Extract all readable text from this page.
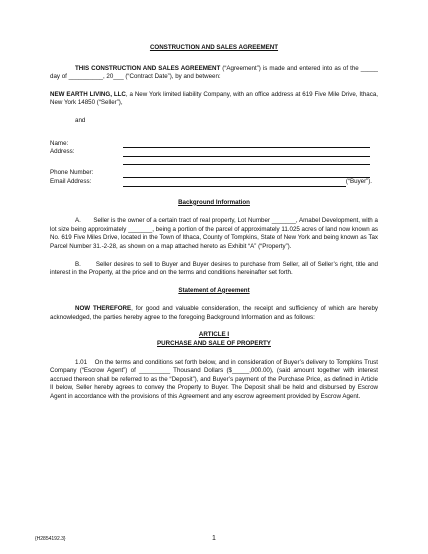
CONSTRUCTION AND SALES AGREEMENT

THIS CONSTRUCTION AND SALES AGREEMENT (“Agreement”) is made and entered into as of the _____ day of __________, 20___ (“Contract Date”), by and between:

NEW EARTH LIVING, LLC, a New York limited liability Company, with an office address at 619 Five Mile Drive, Ithaca, New York 14850 (“Seller”),

and
Name:
Address:
Phone Number:
Email Address:	(“Buyer”).
Background Information

A.       Seller is the owner of a certain tract of real property, Lot Number _______, Amabel Development, with a lot size being approximately _______, being a portion of the parcel of approximately 11.025 acres of land now known as No. 619 Five Miles Drive, located in the Town of Ithaca, County of Tompkins, State of New York and being known as Tax Parcel Number 31.-2-28, as shown on a map attached hereto as Exhibit “A” (“Property”).

B.       Seller desires to sell to Buyer and Buyer desires to purchase from Seller, all of Seller’s right, title and interest in the Property, at the price and on the terms and conditions hereinafter set forth.

Statement of Agreement

NOW THEREFORE, for good and valuable consideration, the receipt and sufficiency of which are hereby acknowledged, the parties hereby agree to the foregoing Background Information and as follows:

ARTICLE I
PURCHASE AND SALE OF PROPERTY

1.01    On the terms and conditions set forth below, and in consideration of Buyer’s delivery to Tompkins Trust Company (“Escrow Agent”) of _________ Thousand Dollars ($_____,000.00), (said amount together with interest accrued thereon shall be referred to as the “Deposit”), and Buyer’s payment of the Purchase Price, as defined in Article II below, Seller hereby agrees to convey the Property to Buyer. The Deposit shall be held and disbursed by Escrow Agent in accordance with the provisions of this Agreement and any escrow agreement provided by Escrow Agent.

{H2854192.3}	1
